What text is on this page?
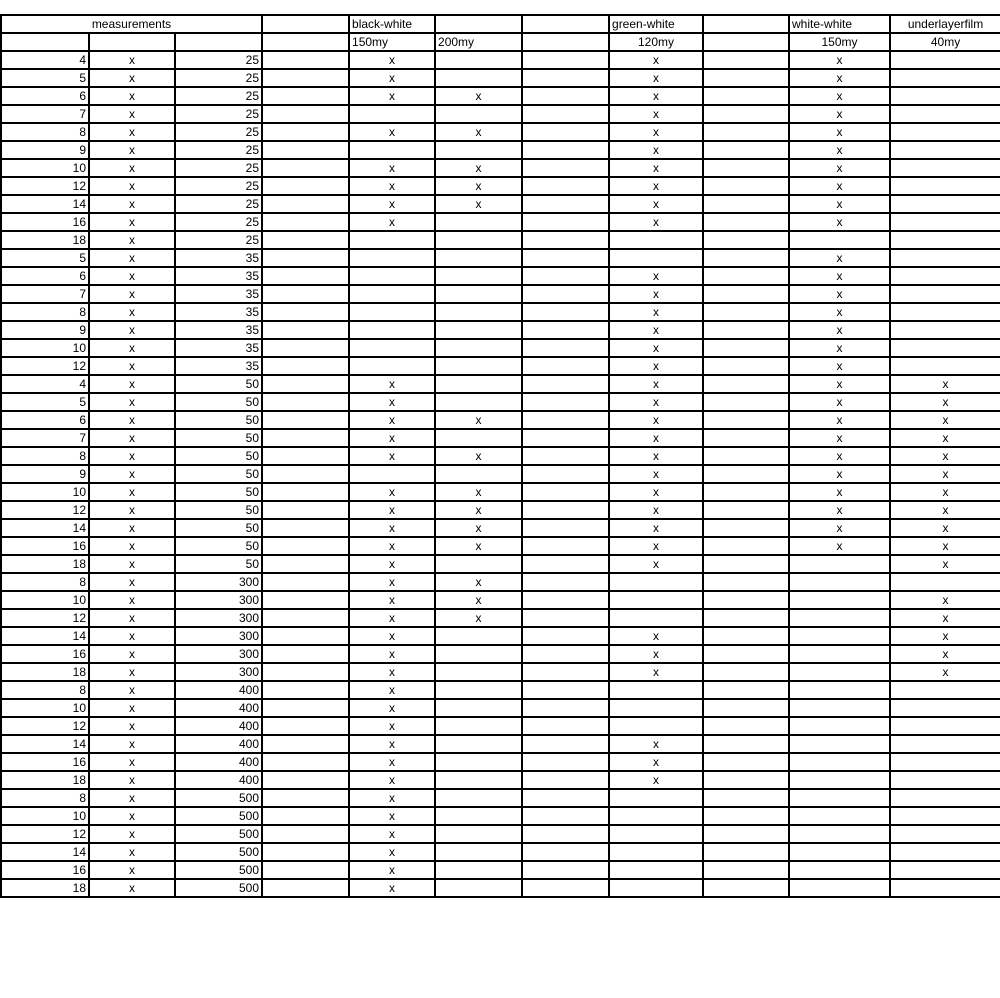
measurements				black-white			green-white		white-white	underlayerfilm
				150my	200my		120my		150my	40my
4	x	25		x			x		x	
5	x	25		x			x		x	
6	x	25		x	x		x		x	
7	x	25					x		x	
8	x	25		x	x		x		x	
9	x	25					x		x	
10	x	25		x	x		x		x	
12	x	25		x	x		x		x	
14	x	25		x	x		x		x	
16	x	25		x			x		x	
18	x	25								
5	x	35							x	
6	x	35					x		x	
7	x	35					x		x	
8	x	35					x		x	
9	x	35					x		x	
10	x	35					x		x	
12	x	35					x		x	
4	x	50		x			x		x	x
5	x	50		x			x		x	x
6	x	50		x	x		x		x	x
7	x	50		x			x		x	x
8	x	50		x	x		x		x	x
9	x	50					x		x	x
10	x	50		x	x		x		x	x
12	x	50		x	x		x		x	x
14	x	50		x	x		x		x	x
16	x	50		x	x		x		x	x
18	x	50		x			x			x
8	x	300		x	x					
10	x	300		x	x					x
12	x	300		x	x					x
14	x	300		x			x			x
16	x	300		x			x			x
18	x	300		x			x			x
8	x	400		x						
10	x	400		x						
12	x	400		x						
14	x	400		x			x			
16	x	400		x			x			
18	x	400		x			x			
8	x	500		x						
10	x	500		x						
12	x	500		x						
14	x	500		x						
16	x	500		x						
18	x	500		x						
